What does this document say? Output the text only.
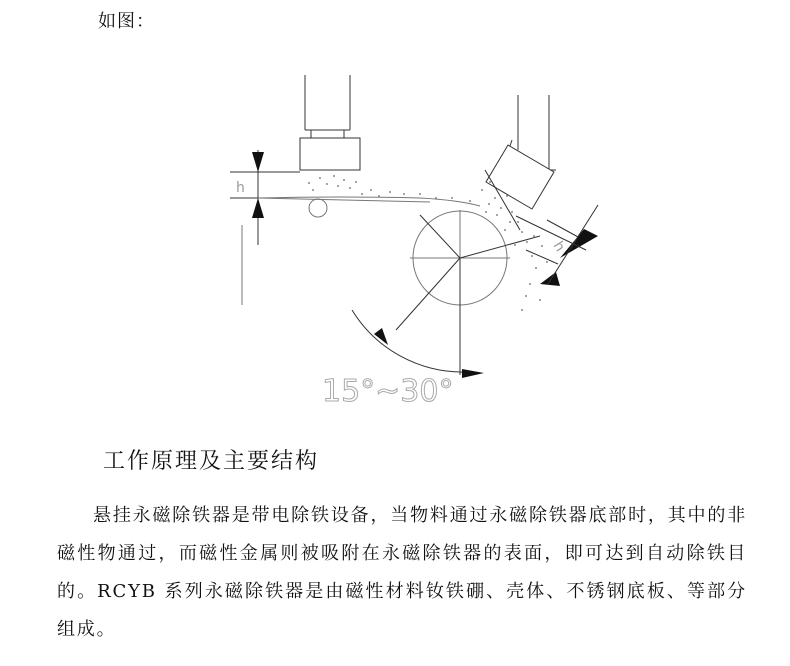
如图：

h
h
15°~30°
工作原理及主要结构

悬挂永磁除铁器是带电除铁设备，当物料通过永磁除铁器底部时，其中的非磁性物通过，而磁性金属则被吸附在永磁除铁器的表面，即可达到自动除铁目的。RCYB 系列永磁除铁器是由磁性材料钕铁硼、壳体、不锈钢底板、等部分组成。
